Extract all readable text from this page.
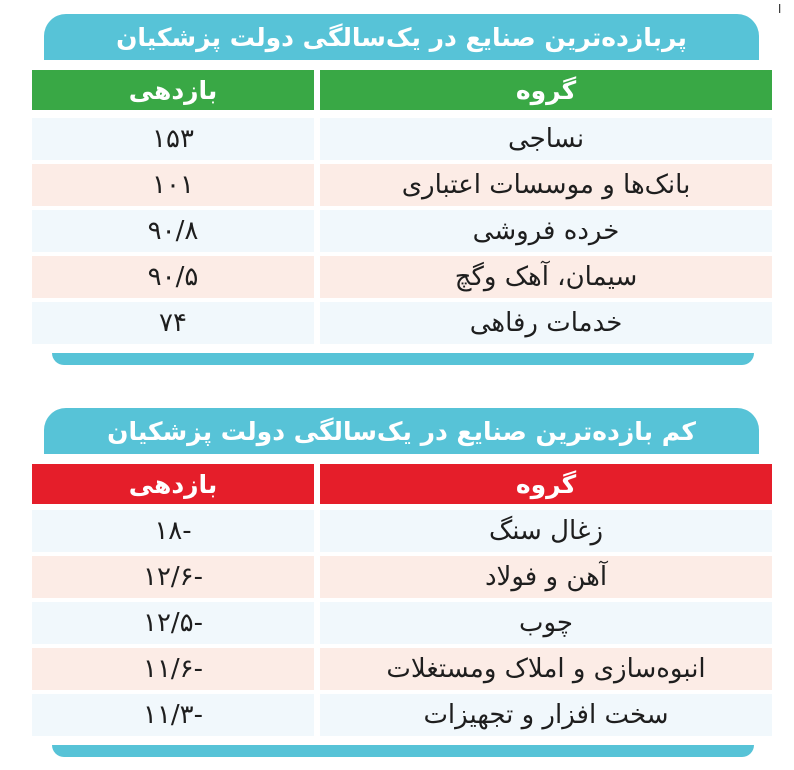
ا
پربازده‌ترین صنایع در یک‌سالگی دولت پزشکیان
گروه
بازدهی
نساجی
۱۵۳
بانک‌ها و موسسات اعتباری
۱۰۱
خرده فروشی
۹۰/۸
سیمان، آهک وگچ
۹۰/۵
خدمات رفاهی
۷۴
کم بازده‌ترین صنایع در یک‌سالگی دولت پزشکیان
گروه
بازدهی
زغال سنگ
-۱۸
آهن و فولاد
-۱۲/۶
چوب
-۱۲/۵
انبوه‌سازی و املاک ومستغلات
-۱۱/۶
سخت افزار و تجهیزات
-۱۱/۳
